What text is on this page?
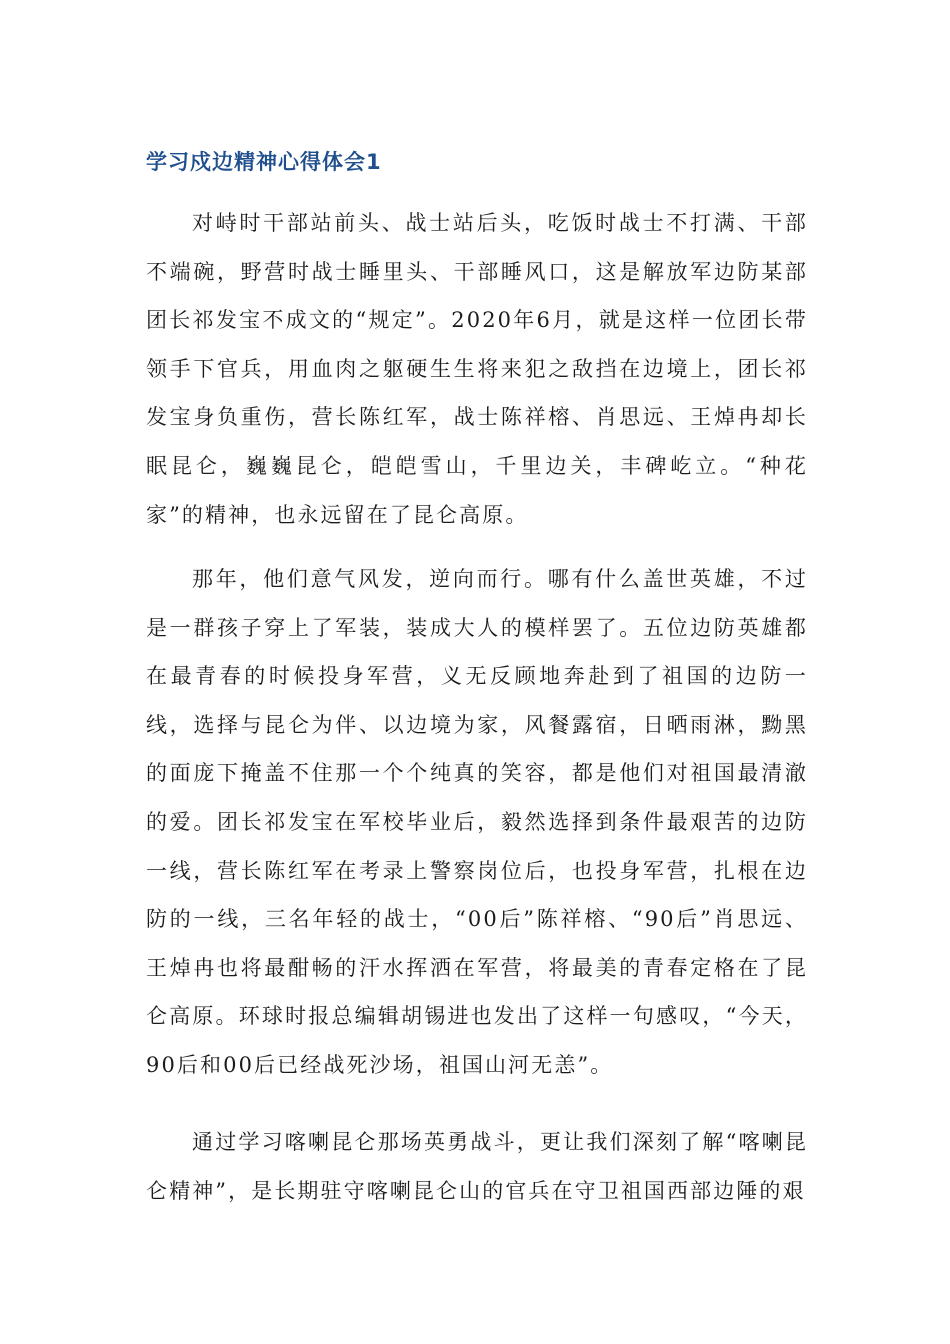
学习戍边精神心得体会1

对峙时干部站前头、战士站后头，吃饭时战士不打满、干部不端碗，野营时战士睡里头、干部睡风口，这是解放军边防某部团长祁发宝不成文的“规定”。2020年6月，就是这样一位团长带领手下官兵，用血肉之躯硬生生将来犯之敌挡在边境上，团长祁发宝身负重伤，营长陈红军，战士陈祥榕、肖思远、王焯冉却长眠昆仑，巍巍昆仑，皑皑雪山，千里边关，丰碑屹立。“种花家”的精神，也永远留在了昆仑高原。

那年，他们意气风发，逆向而行。哪有什么盖世英雄，不过是一群孩子穿上了军装，装成大人的模样罢了。五位边防英雄都在最青春的时候投身军营，义无反顾地奔赴到了祖国的边防一线，选择与昆仑为伴、以边境为家，风餐露宿，日晒雨淋，黝黑的面庞下掩盖不住那一个个纯真的笑容，都是他们对祖国最清澈的爱。团长祁发宝在军校毕业后，毅然选择到条件最艰苦的边防一线，营长陈红军在考录上警察岗位后，也投身军营，扎根在边防的一线，三名年轻的战士，“00后”陈祥榕、“90后”肖思远、王焯冉也将最酣畅的汗水挥洒在军营，将最美的青春定格在了昆仑高原。环球时报总编辑胡锡进也发出了这样一句感叹，“今天，90后和00后已经战死沙场，祖国山河无恙”。

通过学习喀喇昆仑那场英勇战斗，更让我们深刻了解“喀喇昆仑精神”，是长期驻守喀喇昆仑山的官兵在守卫祖国西部边陲的艰
